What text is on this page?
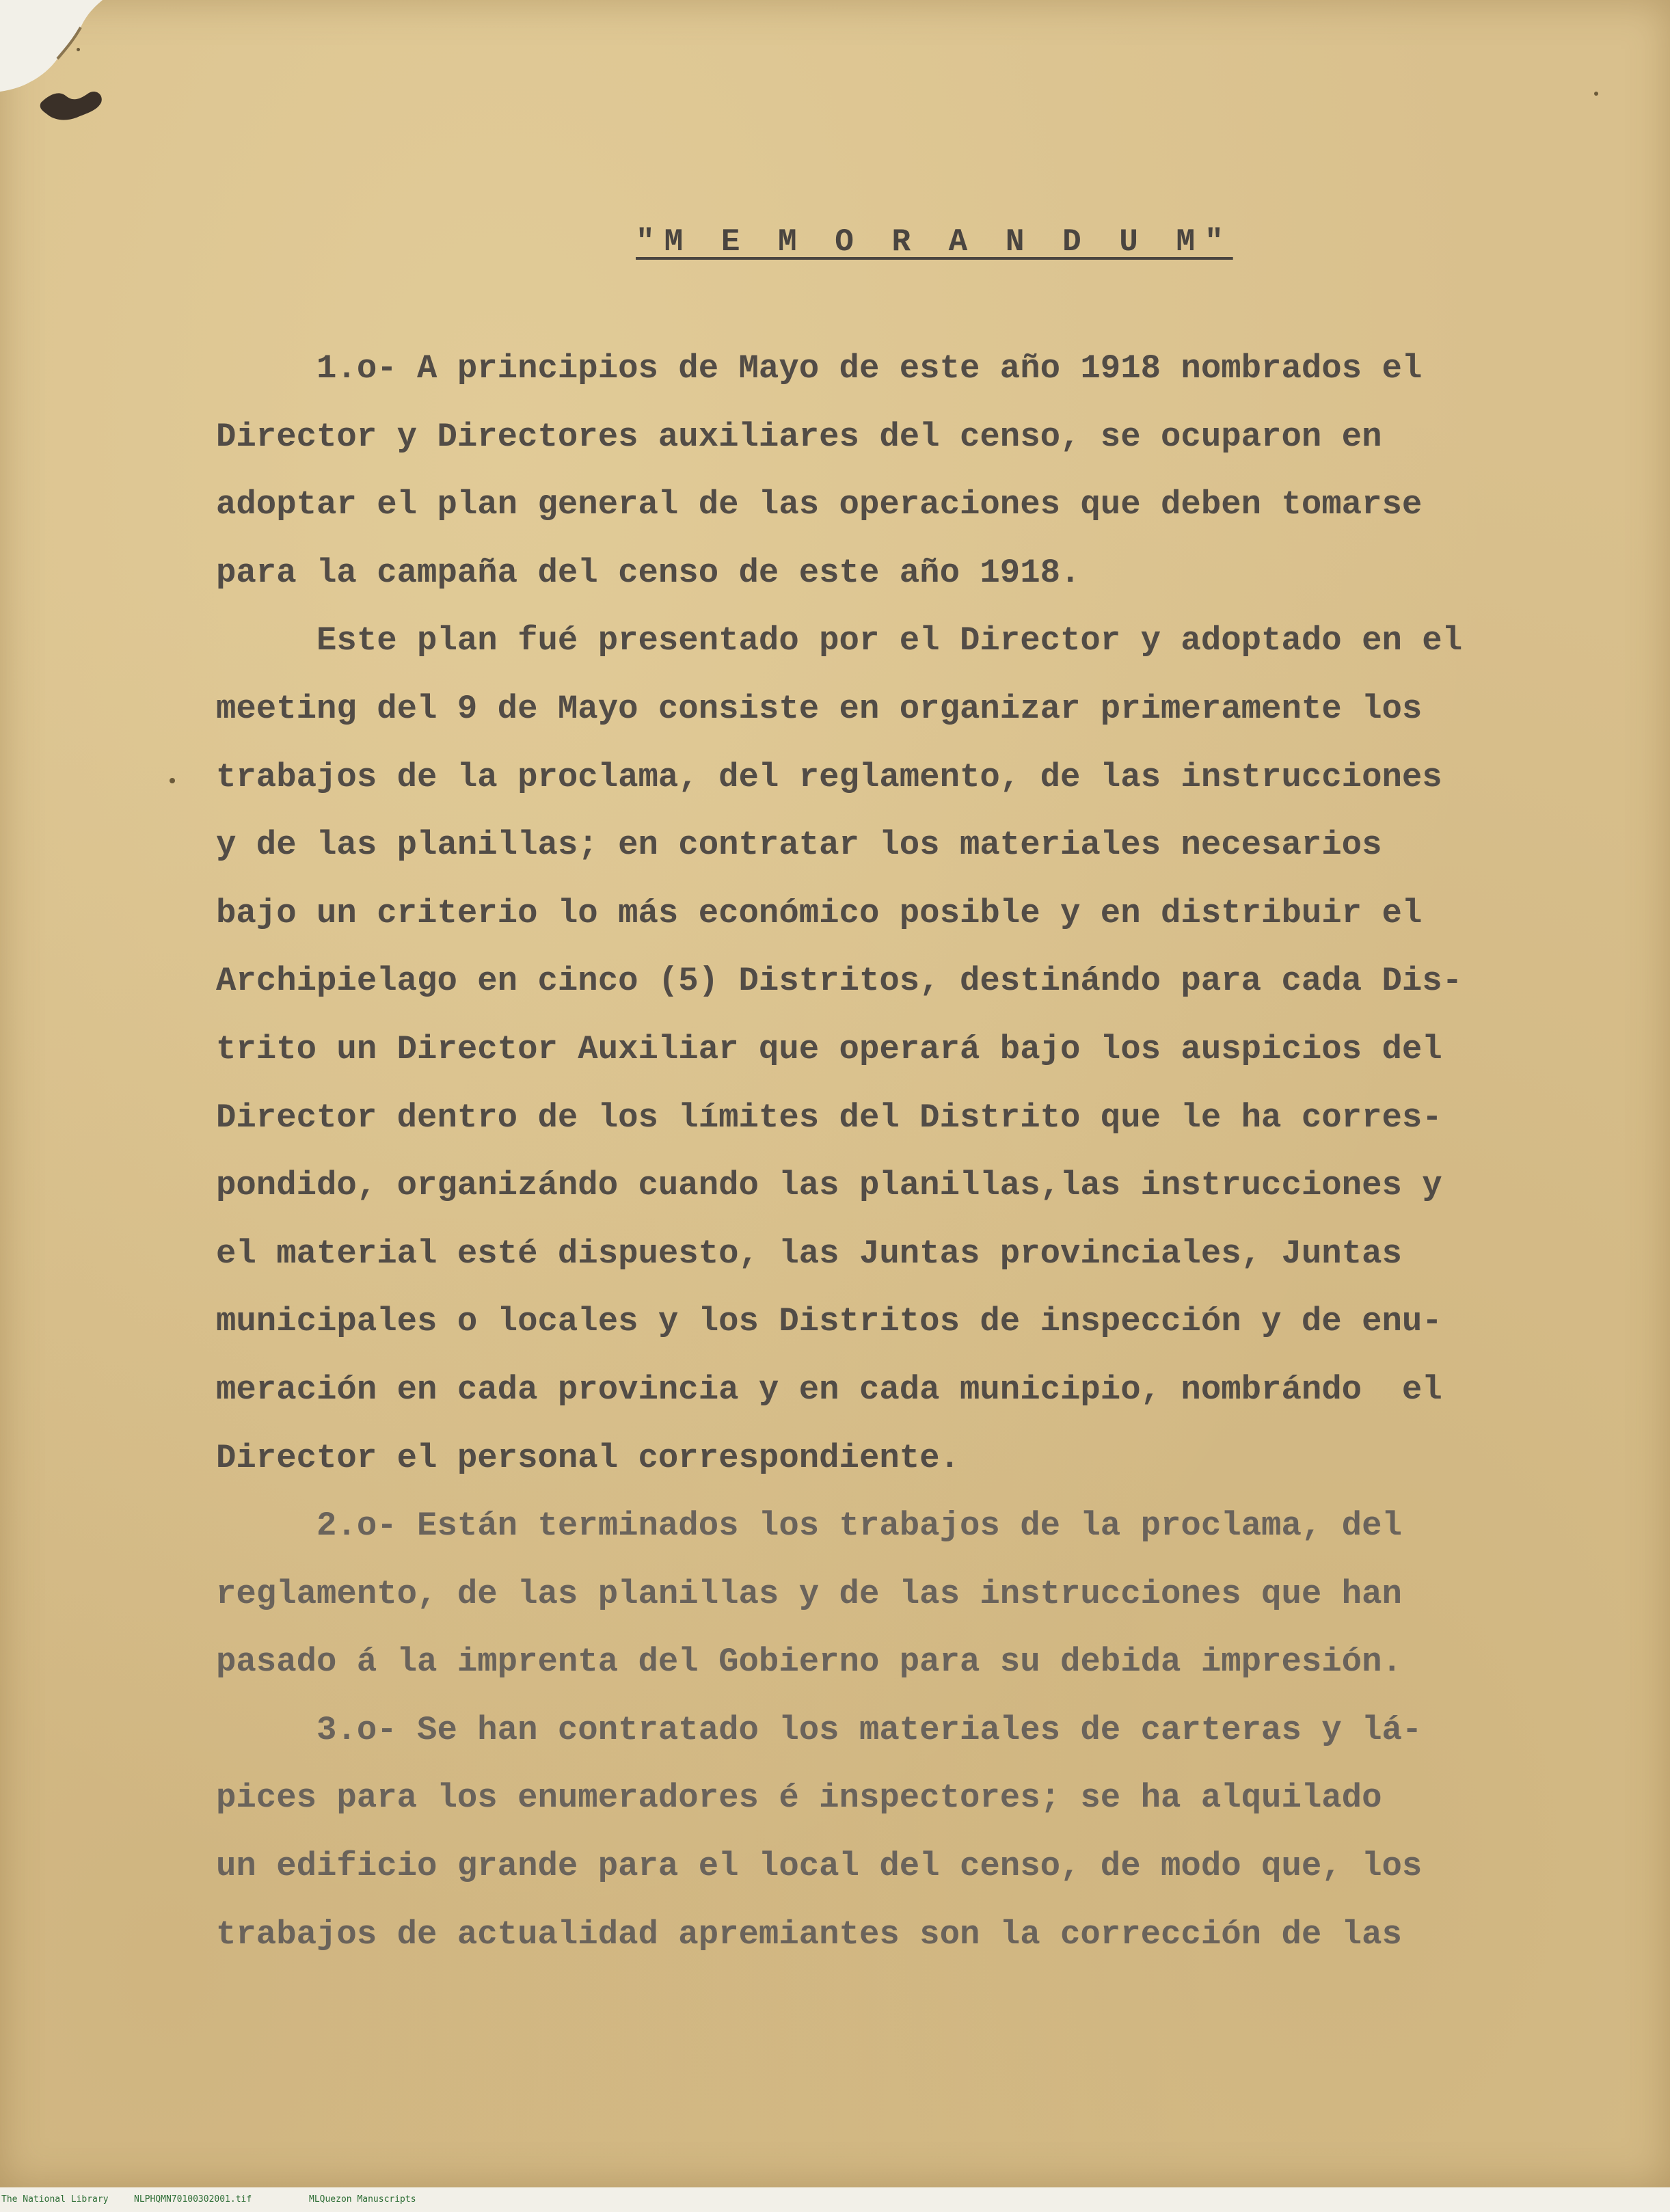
"M E M O R A N D U M"
1.o- A principios de Mayo de este año 1918 nombrados el
Director y Directores auxiliares del censo, se ocuparon en
adoptar el plan general de las operaciones que deben tomarse
para la campaña del censo de este año 1918.
Este plan fué presentado por el Director y adoptado en el
meeting del 9 de Mayo consiste en organizar primeramente los
trabajos de la proclama, del reglamento, de las instrucciones
y de las planillas; en contratar los materiales necesarios
bajo un criterio lo más económico posible y en distribuir el
Archipielago en cinco (5) Distritos, destinándo para cada Dis-
trito un Director Auxiliar que operará bajo los auspicios del
Director dentro de los límites del Distrito que le ha corres-
pondido, organizándo cuando las planillas,las instrucciones y
el material esté dispuesto, las Juntas provinciales, Juntas
municipales o locales y los Distritos de inspección y de enu-
meración en cada provincia y en cada municipio, nombrándo  el
Director el personal correspondiente.
2.o- Están terminados los trabajos de la proclama, del
reglamento, de las planillas y de las instrucciones que han
pasado á la imprenta del Gobierno para su debida impresión.
3.o- Se han contratado los materiales de carteras y lá-
pices para los enumeradores é inspectores; se ha alquilado
un edificio grande para el local del censo, de modo que, los
trabajos de actualidad apremiantes son la corrección de las
The National Library	NLPHQMN70100302001.tif	MLQuezon Manuscripts
